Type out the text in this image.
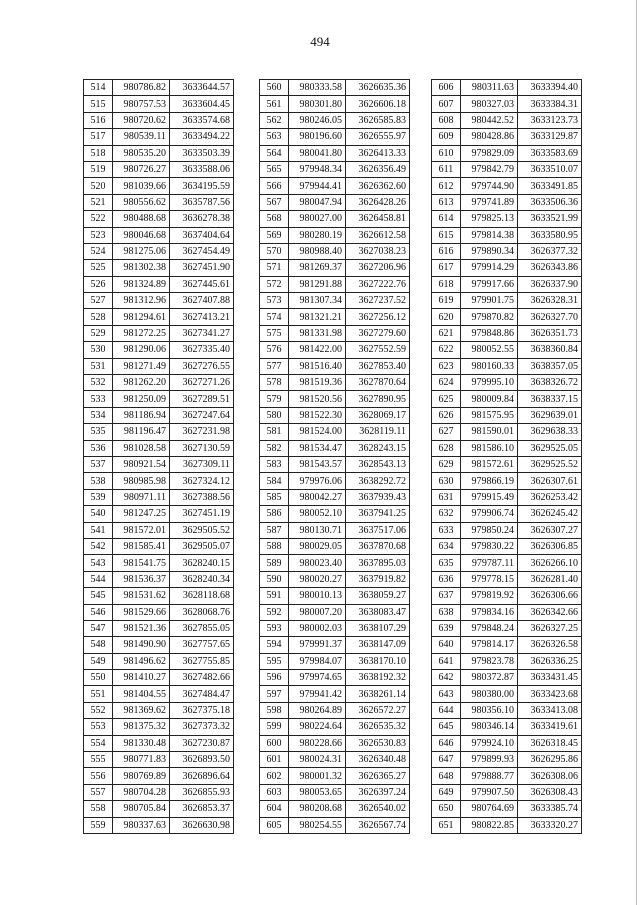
494
514	980786.82	3633644.57
515	980757.53	3633604.45
516	980720.62	3633574.68
517	980539.11	3633494.22
518	980535.20	3633503.39
519	980726.27	3633588.06
520	981039.66	3634195.59
521	980556.62	3635787.56
522	980488.68	3636278.38
523	980046.68	3637404.64
524	981275.06	3627454.49
525	981302.38	3627451.90
526	981324.89	3627445.61
527	981312.96	3627407.88
528	981294.61	3627413.21
529	981272.25	3627341.27
530	981290.06	3627335.40
531	981271.49	3627276.55
532	981262.20	3627271.26
533	981250.09	3627289.51
534	981186.94	3627247.64
535	981196.47	3627231.98
536	981028.58	3627130.59
537	980921.54	3627309.11
538	980985.98	3627324.12
539	980971.11	3627388.56
540	981247.25	3627451.19
541	981572.01	3629505.52
542	981585.41	3629505.07
543	981541.75	3628240.15
544	981536.37	3628240.34
545	981531.62	3628118.68
546	981529.66	3628068.76
547	981521.36	3627855.05
548	981490.90	3627757.65
549	981496.62	3627755.85
550	981410.27	3627482.66
551	981404.55	3627484.47
552	981369.62	3627375.18
553	981375.32	3627373.32
554	981330.48	3627230.87
555	980771.83	3626893.50
556	980769.89	3626896.64
557	980704.28	3626855.93
558	980705.84	3626853.37
559	980337.63	3626630.98
560	980333.58	3626635.36
561	980301.80	3626606.18
562	980246.05	3626585.83
563	980196.60	3626555.97
564	980041.80	3626413.33
565	979948.34	3626356.49
566	979944.41	3626362.60
567	980047.94	3626428.26
568	980027.00	3626458.81
569	980280.19	3626612.58
570	980988.40	3627038.23
571	981269.37	3627206.96
572	981291.88	3627222.76
573	981307.34	3627237.52
574	981321.21	3627256.12
575	981331.98	3627279.60
576	981422.00	3627552.59
577	981516.40	3627853.40
578	981519.36	3627870.64
579	981520.56	3627890.95
580	981522.30	3628069.17
581	981524.00	3628119.11
582	981534.47	3628243.15
583	981543.57	3628543.13
584	979976.06	3638292.72
585	980042.27	3637939.43
586	980052.10	3637941.25
587	980130.71	3637517.06
588	980029.05	3637870.68
589	980023.40	3637895.03
590	980020.27	3637919.82
591	980010.13	3638059.27
592	980007.20	3638083.47
593	980002.03	3638107.29
594	979991.37	3638147.09
595	979984.07	3638170.10
596	979974.65	3638192.32
597	979941.42	3638261.14
598	980264.89	3626572.27
599	980224.64	3626535.32
600	980228.66	3626530.83
601	980024.31	3626340.48
602	980001.32	3626365.27
603	980053.65	3626397.24
604	980208.68	3626540.02
605	980254.55	3626567.74
606	980311.63	3633394.40
607	980327.03	3633384.31
608	980442.52	3633123.73
609	980428.86	3633129.87
610	979829.09	3633583.69
611	979842.79	3633510.07
612	979744.90	3633491.85
613	979741.89	3633506.36
614	979825.13	3633521.99
615	979814.38	3633580.95
616	979890.34	3626377.32
617	979914.29	3626343.86
618	979917.66	3626337.90
619	979901.75	3626328.31
620	979870.82	3626327.70
621	979848.86	3626351.73
622	980052.55	3638360.84
623	980160.33	3638357.05
624	979995.10	3638326.72
625	980009.84	3638337.15
626	981575.95	3629639.01
627	981590.01	3629638.33
628	981586.10	3629525.05
629	981572.61	3629525.52
630	979866.19	3626307.61
631	979915.49	3626253.42
632	979906.74	3626245.42
633	979850.24	3626307.27
634	979830.22	3626306.85
635	979787.11	3626266.10
636	979778.15	3626281.40
637	979819.92	3626306.66
638	979834.16	3626342.66
639	979848.24	3626327.25
640	979814.17	3626326.58
641	979823.78	3626336.25
642	980372.87	3633431.45
643	980380.00	3633423.68
644	980356.10	3633413.08
645	980346.14	3633419.61
646	979924.10	3626318.45
647	979899.93	3626295.86
648	979888.77	3626308.06
649	979907.50	3626308.43
650	980764.69	3633385.74
651	980822.85	3633320.27
